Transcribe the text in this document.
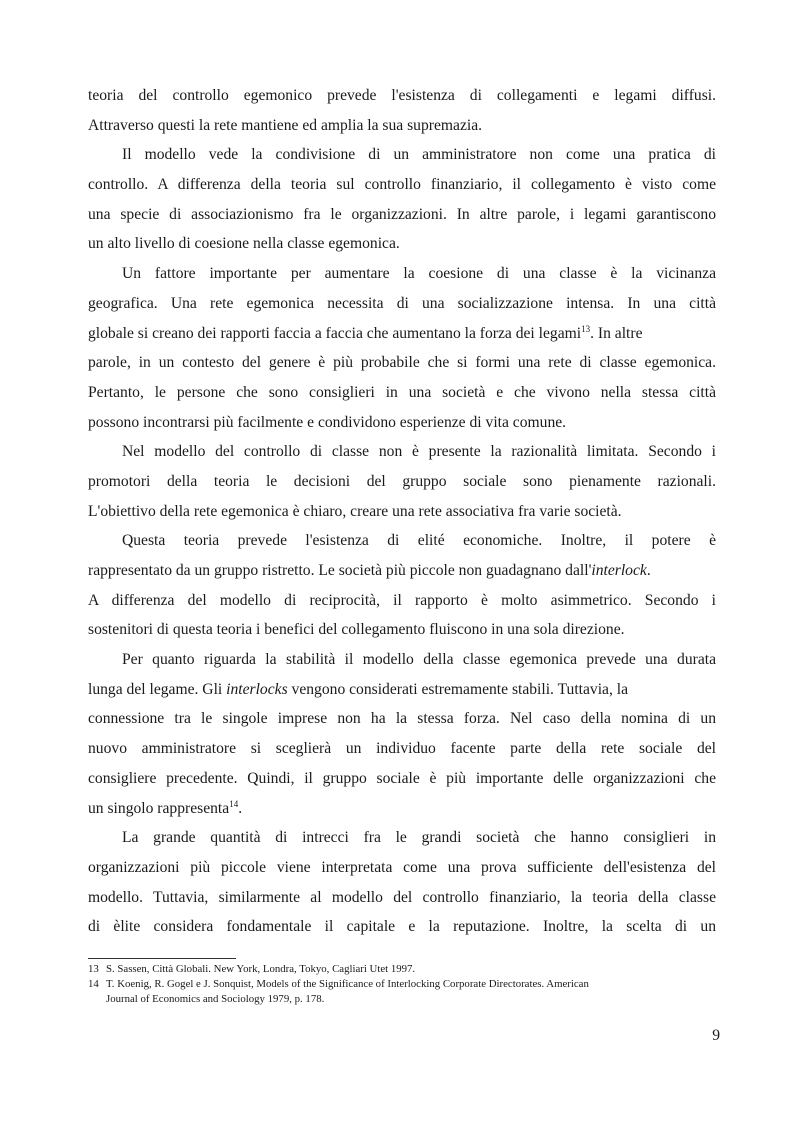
teoria del controllo egemonico prevede l'esistenza di collegamenti e legami diffusi.
Attraverso questi la rete mantiene ed amplia la sua supremazia.
Il modello vede la condivisione di un amministratore non come una pratica di
controllo. A differenza della teoria sul controllo finanziario, il collegamento è visto come
una specie di associazionismo fra le organizzazioni. In altre parole, i legami garantiscono
un alto livello di coesione nella classe egemonica.
Un fattore importante per aumentare la coesione di una classe è la vicinanza
geografica. Una rete egemonica necessita di una socializzazione intensa. In una città
globale si creano dei rapporti faccia a faccia che aumentano la forza dei legami$^{13}$. In altre
parole, in un contesto del genere è più probabile che si formi una rete di classe egemonica.
Pertanto, le persone che sono consiglieri in una società e che vivono nella stessa città
possono incontrarsi più facilmente e condividono esperienze di vita comune.
Nel modello del controllo di classe non è presente la razionalità limitata. Secondo i
promotori della teoria le decisioni del gruppo sociale sono pienamente razionali.
L'obiettivo della rete egemonica è chiaro, creare una rete associativa fra varie società.
Questa teoria prevede l'esistenza di elité economiche. Inoltre, il potere è
rappresentato da un gruppo ristretto. Le società più piccole non guadagnano dall'interlock.
A differenza del modello di reciprocità, il rapporto è molto asimmetrico. Secondo i
sostenitori di questa teoria i benefici del collegamento fluiscono in una sola direzione.
Per quanto riguarda la stabilità il modello della classe egemonica prevede una durata
lunga del legame. Gli interlocks vengono considerati estremamente stabili. Tuttavia, la
connessione tra le singole imprese non ha la stessa forza. Nel caso della nomina di un
nuovo amministratore si sceglierà un individuo facente parte della rete sociale del
consigliere precedente. Quindi, il gruppo sociale è più importante delle organizzazioni che
un singolo rappresenta$^{14}$.
La grande quantità di intrecci fra le grandi società che hanno consiglieri in
organizzazioni più piccole viene interpretata come una prova sufficiente dell'esistenza del
modello. Tuttavia, similarmente al modello del controllo finanziario, la teoria della classe
di èlite considera fondamentale il capitale e la reputazione. Inoltre, la scelta di un
13 S. Sassen, Città Globali. New York, Londra, Tokyo, Cagliari Utet 1997.
14 T. Koenig, R. Gogel e J. Sonquist, Models of the Significance of Interlocking Corporate Directorates. American
Journal of Economics and Sociology 1979, p. 178.
9
